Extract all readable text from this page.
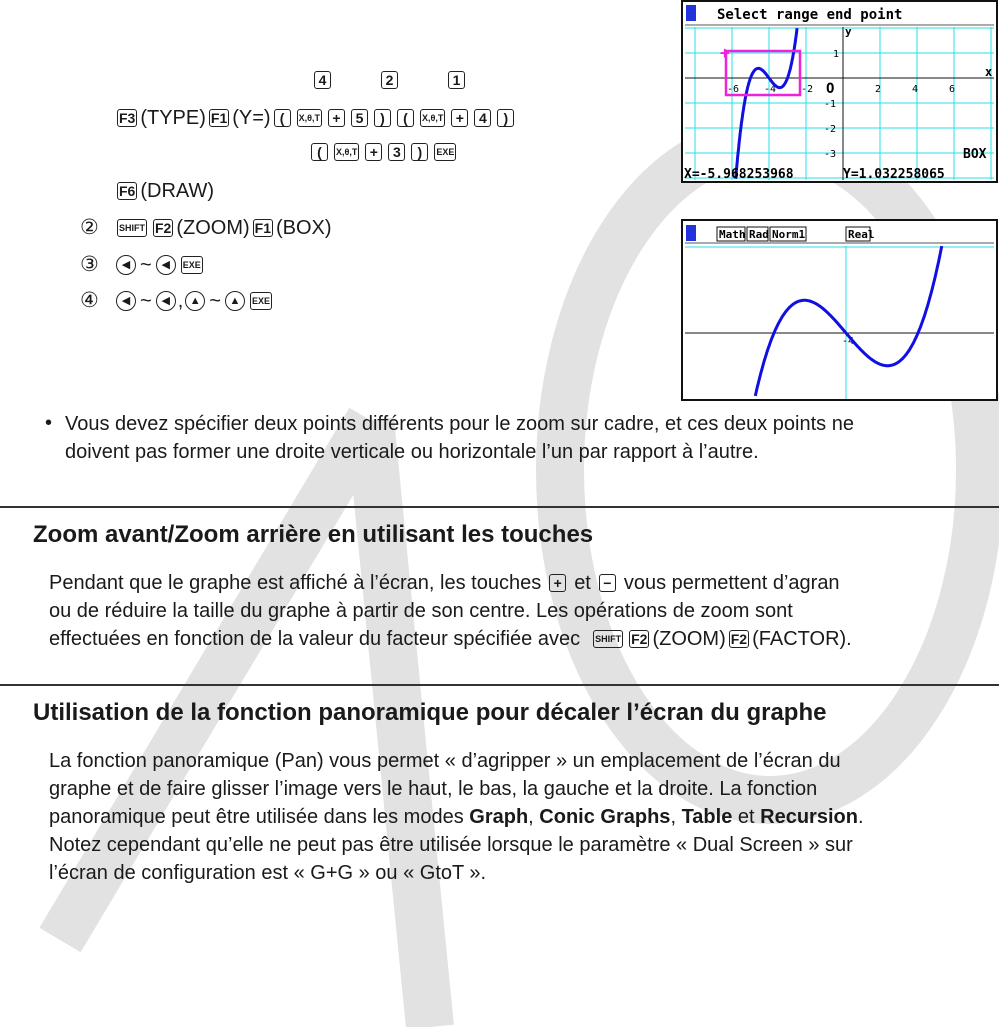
4	2	1
F3 (TYPE) F1 (Y=) (	X,θ,T +	5	)	(	X,θ,T +	4	)
(	X,θ,T +	3	)	EXE
F6 (DRAW)
②	SHIFT F2 (ZOOM) F1 (BOX)
③	◀ ~ ◀	EXE
④	◀ ~ ◀ , ▲ ~ ▲	EXE
Select range end point
-6 -4 -2	2	4	6
1
-1
-2
-3
+
O
y
x
BOX
X=-5.968253968	Y=1.032258065
Math Rad Norm1	Real
-4
• Vous devez spécifier deux points différents pour le zoom sur cadre, et ces deux points ne
doivent pas former une droite verticale ou horizontale l’un par rapport à l’autre.
Zoom avant/Zoom arrière en utilisant les touches
Pendant que le graphe est affiché à l’écran, les touches + et − vous permettent d’agran
ou de réduire la taille du graphe à partir de son centre. Les opérations de zoom sont
effectuées en fonction de la valeur du facteur spécifiée avec SHIFT F2 (ZOOM) F2 (FACTOR).
Utilisation de la fonction panoramique pour décaler l’écran du graphe
La fonction panoramique (Pan) vous permet « d’agripper » un emplacement de l’écran du
graphe et de faire glisser l’image vers le haut, le bas, la gauche et la droite. La fonction
panoramique peut être utilisée dans les modes Graph, Conic Graphs, Table et Recursion.
Notez cependant qu’elle ne peut pas être utilisée lorsque le paramètre « Dual Screen » sur
l’écran de configuration est « G+G » ou « GtoT ».
